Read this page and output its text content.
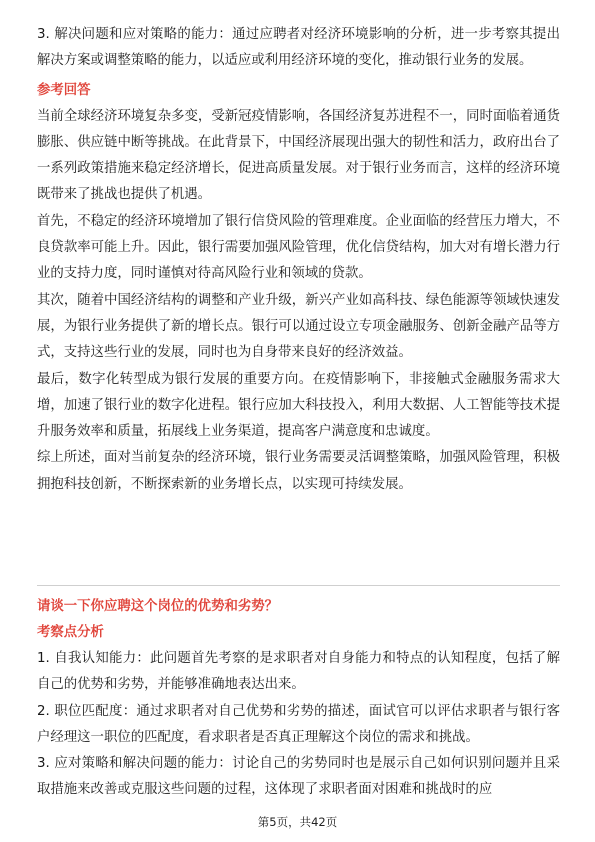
3. 解决问题和应对策略的能力：通过应聘者对经济环境影响的分析，进一步考察其提出解决方案或调整策略的能力，以适应或利用经济环境的变化，推动银行业务的发展。

参考回答

当前全球经济环境复杂多变，受新冠疫情影响，各国经济复苏进程不一，同时面临着通货膨胀、供应链中断等挑战。在此背景下，中国经济展现出强大的韧性和活力，政府出台了一系列政策措施来稳定经济增长，促进高质量发展。对于银行业务而言，这样的经济环境既带来了挑战也提供了机遇。

首先，不稳定的经济环境增加了银行信贷风险的管理难度。企业面临的经营压力增大，不良贷款率可能上升。因此，银行需要加强风险管理，优化信贷结构，加大对有增长潜力行业的支持力度，同时谨慎对待高风险行业和领域的贷款。

其次，随着中国经济结构的调整和产业升级，新兴产业如高科技、绿色能源等领域快速发展，为银行业务提供了新的增长点。银行可以通过设立专项金融服务、创新金融产品等方式，支持这些行业的发展，同时也为自身带来良好的经济效益。

最后，数字化转型成为银行发展的重要方向。在疫情影响下，非接触式金融服务需求大增，加速了银行业的数字化进程。银行应加大科技投入，利用大数据、人工智能等技术提升服务效率和质量，拓展线上业务渠道，提高客户满意度和忠诚度。

综上所述，面对当前复杂的经济环境，银行业务需要灵活调整策略，加强风险管理，积极拥抱科技创新，不断探索新的业务增长点，以实现可持续发展。

请谈一下你应聘这个岗位的优势和劣势？

考察点分析

1. 自我认知能力：此问题首先考察的是求职者对自身能力和特点的认知程度，包括了解自己的优势和劣势，并能够准确地表达出来。

2. 职位匹配度：通过求职者对自己优势和劣势的描述，面试官可以评估求职者与银行客户经理这一职位的匹配度，看求职者是否真正理解这个岗位的需求和挑战。

3. 应对策略和解决问题的能力：讨论自己的劣势同时也是展示自己如何识别问题并且采取措施来改善或克服这些问题的过程，这体现了求职者面对困难和挑战时的应

第5页，共42页
